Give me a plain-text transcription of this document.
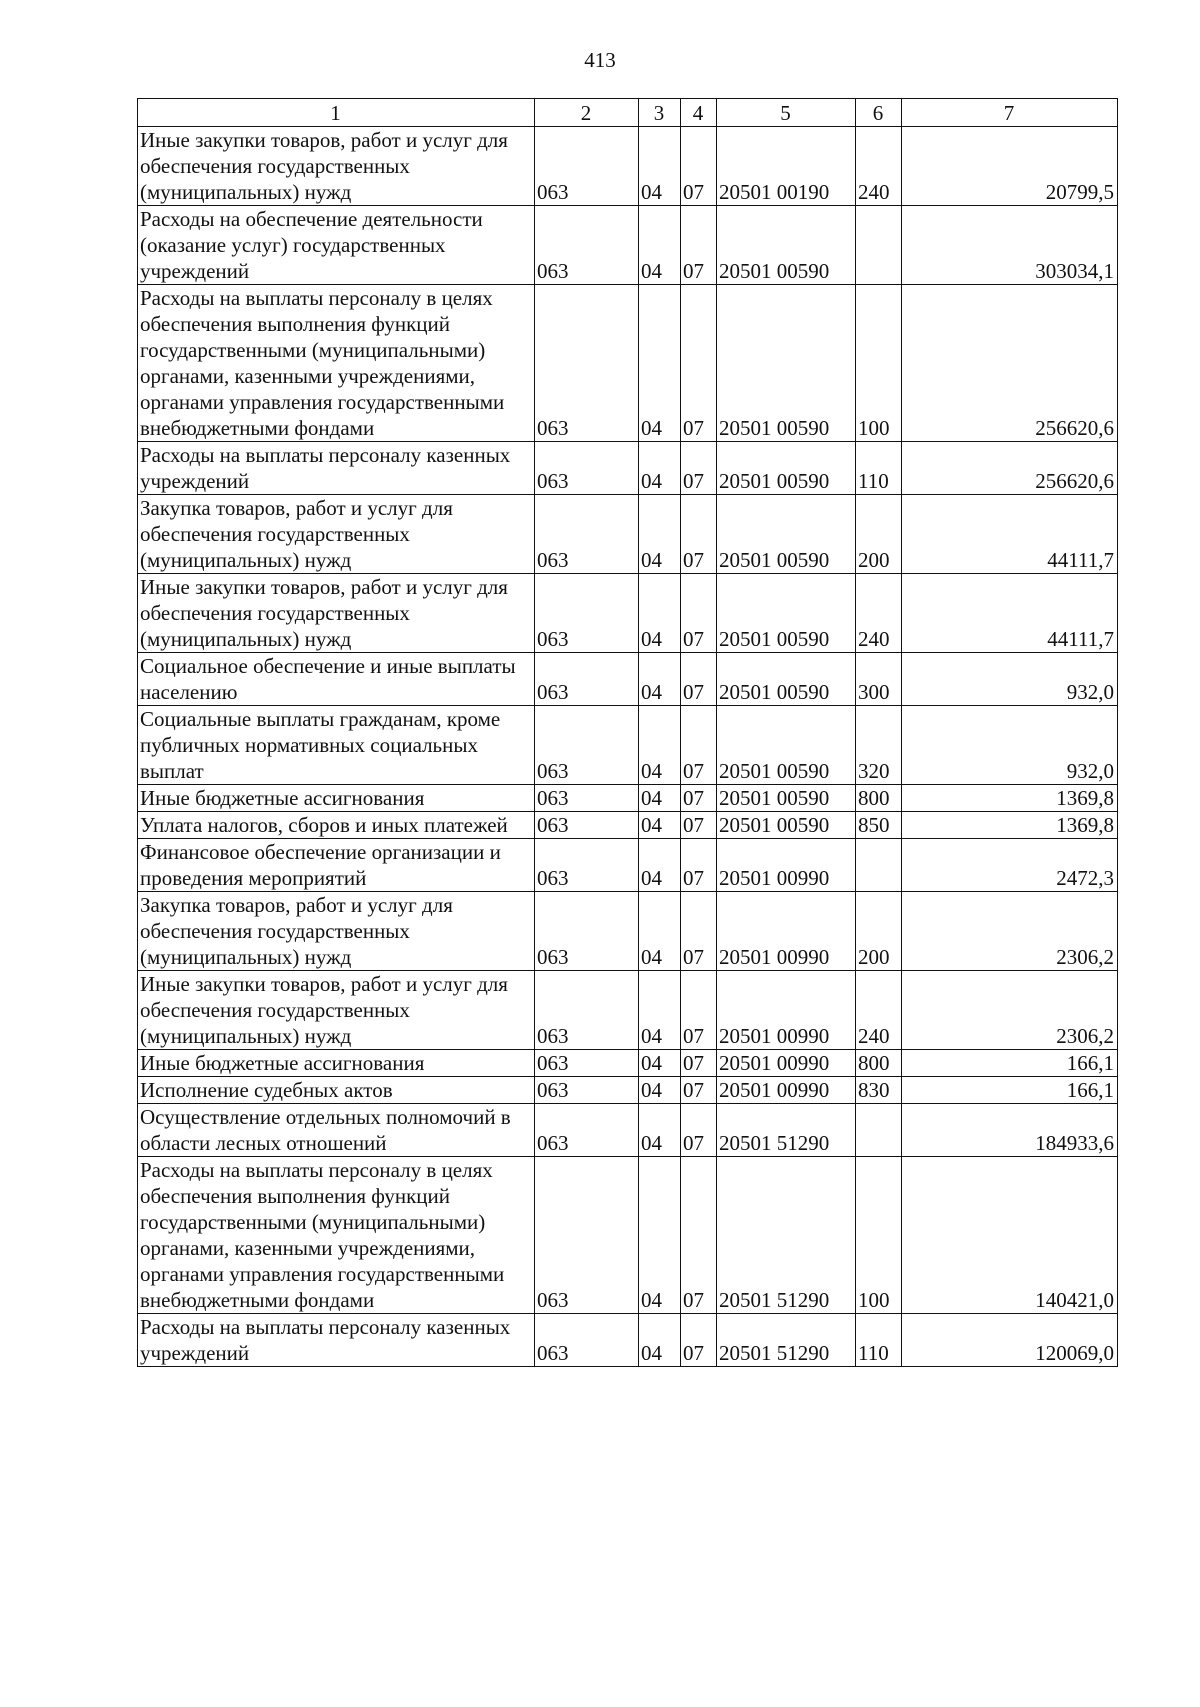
413
1	2	3	4	5	6	7
Иные закупки товаров, работ и услуг для обеспечения государственных (муниципальных) нужд	063	04	07	20501 00190	240	20799,5
Расходы на обеспечение деятельности (оказание услуг) государственных учреждений	063	04	07	20501 00590		303034,1
Расходы на выплаты персоналу в целях обеспечения выполнения функций государственными (муниципальными) органами, казенными учреждениями, органами управления государственными внебюджетными фондами	063	04	07	20501 00590	100	256620,6
Расходы на выплаты персоналу казенных учреждений	063	04	07	20501 00590	110	256620,6
Закупка товаров, работ и услуг для обеспечения государственных (муниципальных) нужд	063	04	07	20501 00590	200	44111,7
Иные закупки товаров, работ и услуг для обеспечения государственных (муниципальных) нужд	063	04	07	20501 00590	240	44111,7
Социальное обеспечение и иные выплаты населению	063	04	07	20501 00590	300	932,0
Социальные выплаты гражданам, кроме публичных нормативных социальных выплат	063	04	07	20501 00590	320	932,0
Иные бюджетные ассигнования	063	04	07	20501 00590	800	1369,8
Уплата налогов, сборов и иных платежей	063	04	07	20501 00590	850	1369,8
Финансовое обеспечение организации и проведения мероприятий	063	04	07	20501 00990		2472,3
Закупка товаров, работ и услуг для обеспечения государственных (муниципальных) нужд	063	04	07	20501 00990	200	2306,2
Иные закупки товаров, работ и услуг для обеспечения государственных (муниципальных) нужд	063	04	07	20501 00990	240	2306,2
Иные бюджетные ассигнования	063	04	07	20501 00990	800	166,1
Исполнение судебных актов	063	04	07	20501 00990	830	166,1
Осуществление отдельных полномочий в области лесных отношений	063	04	07	20501 51290		184933,6
Расходы на выплаты персоналу в целях обеспечения выполнения функций государственными (муниципальными) органами, казенными учреждениями, органами управления государственными внебюджетными фондами	063	04	07	20501 51290	100	140421,0
Расходы на выплаты персоналу казенных учреждений	063	04	07	20501 51290	110	120069,0
